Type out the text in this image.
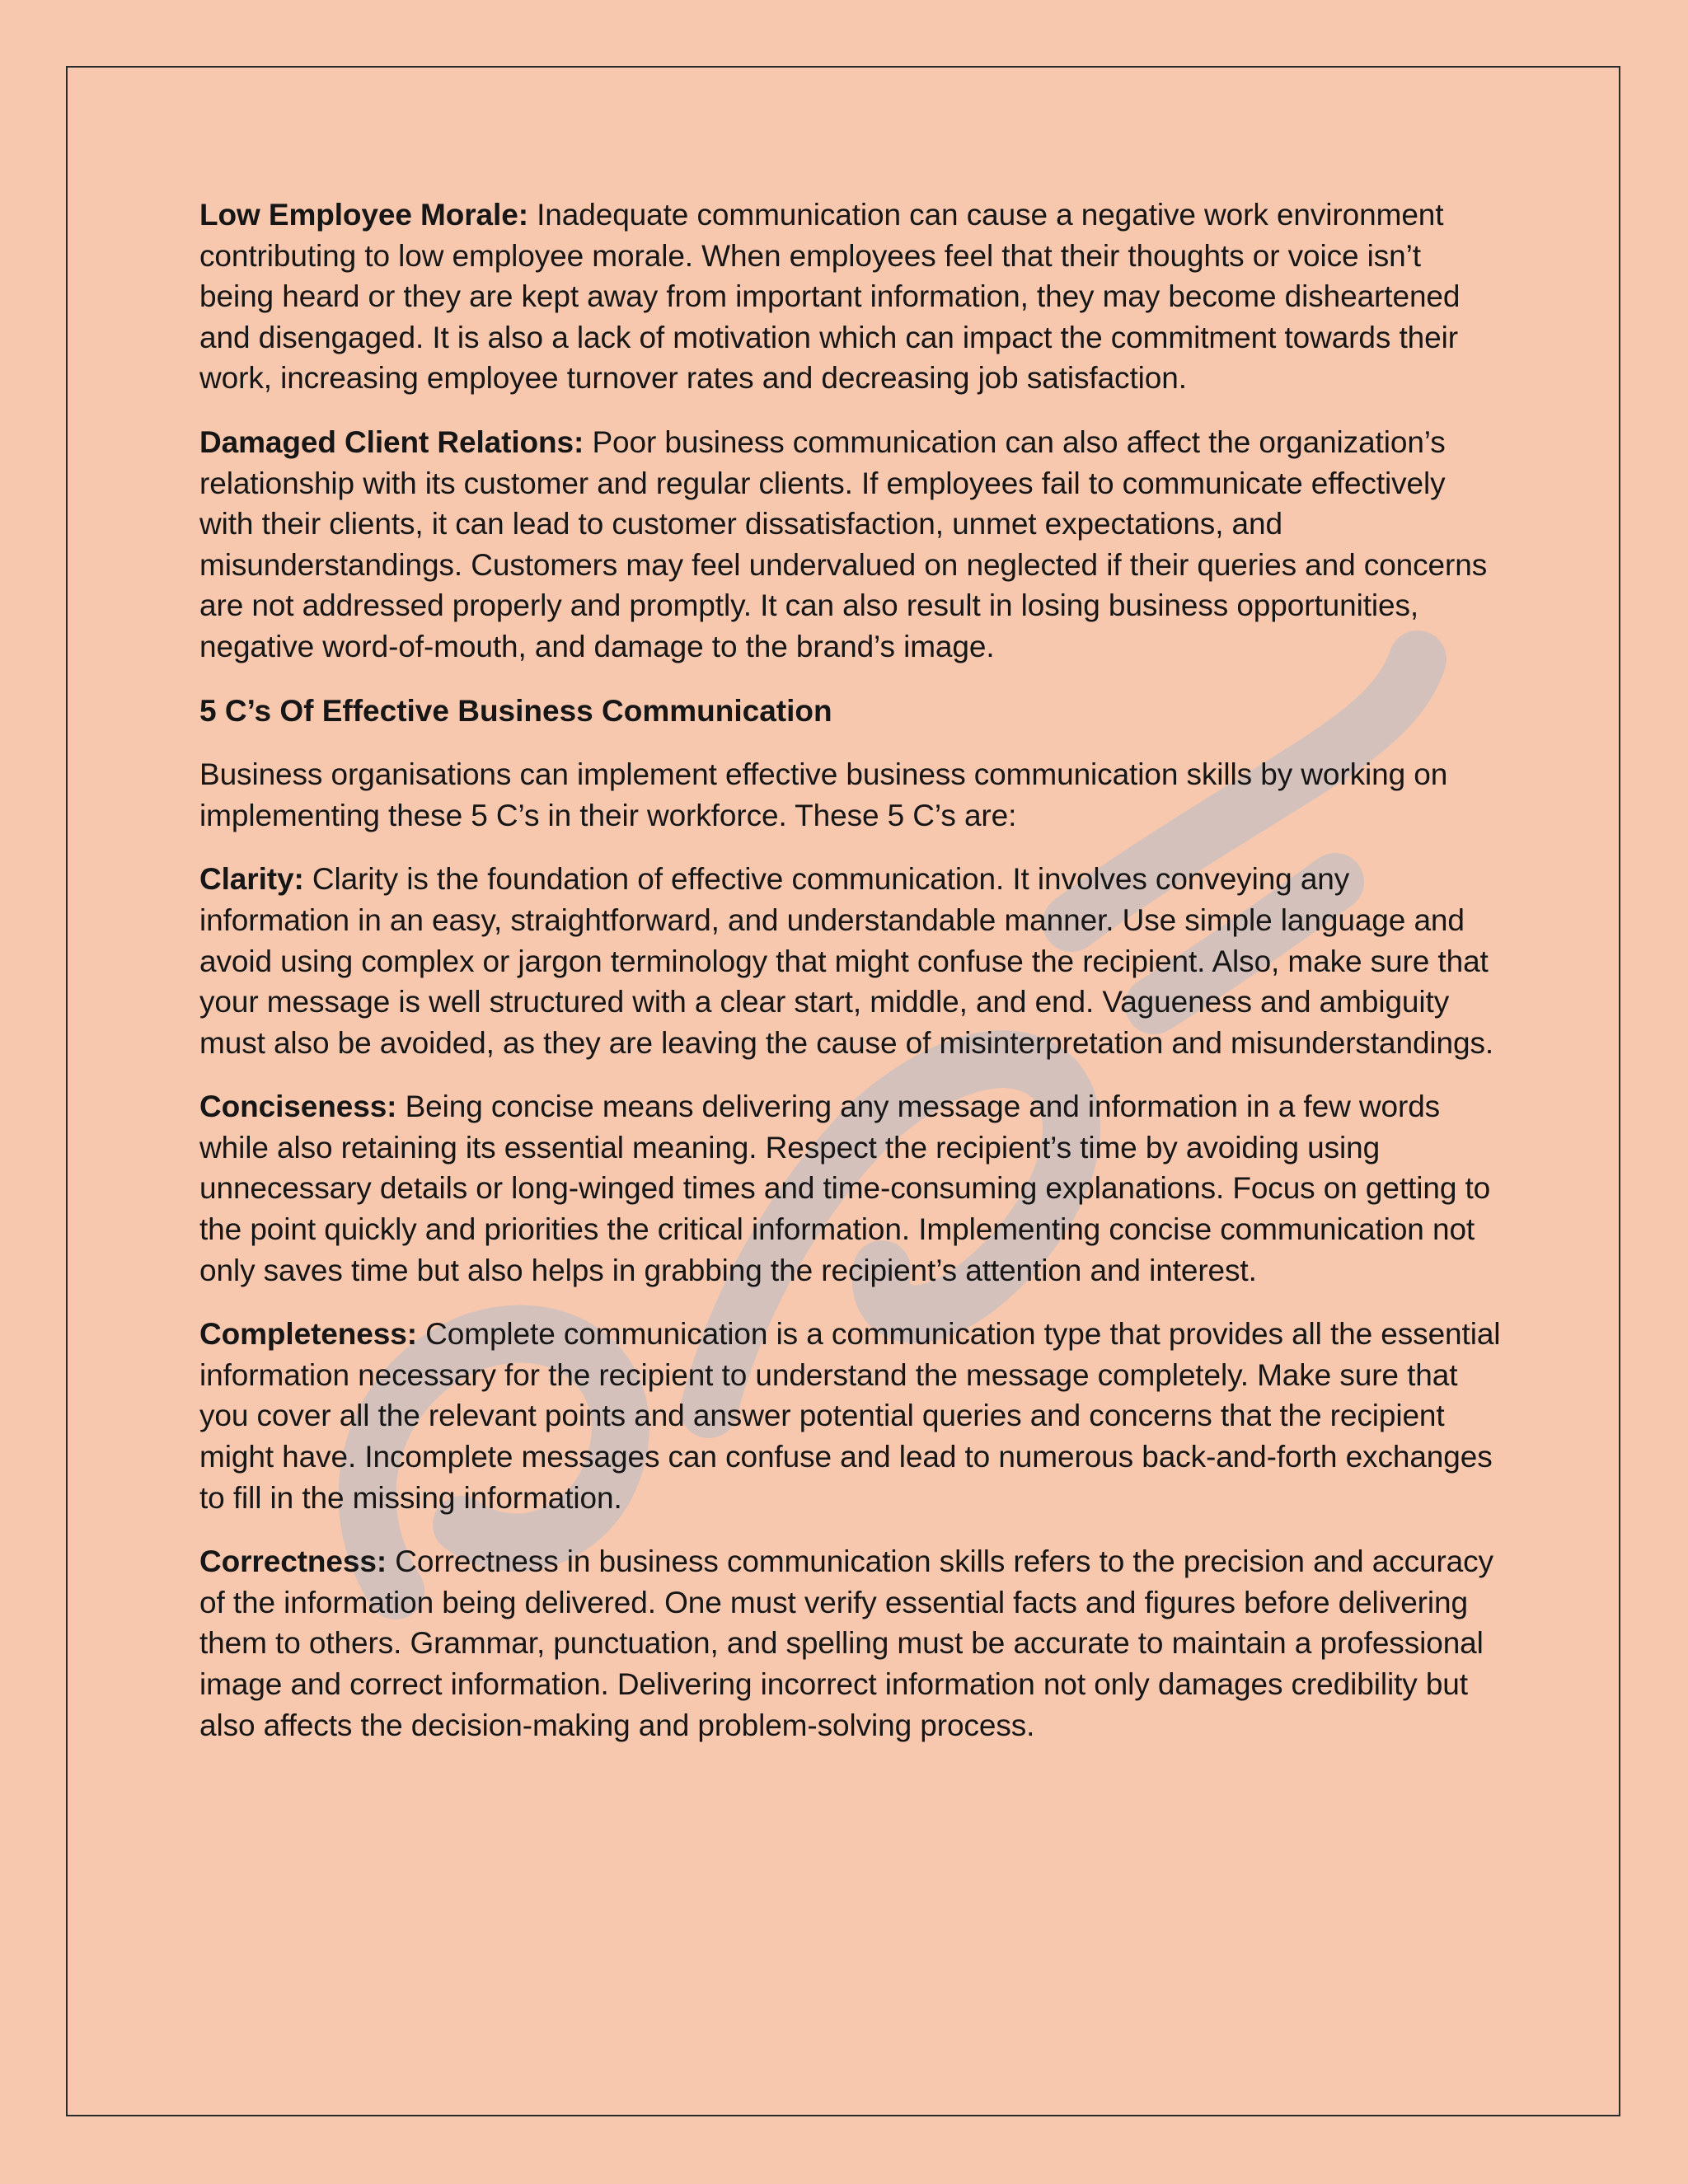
Low Employee Morale: Inadequate communication can cause a negative work environment contributing to low employee morale. When employees feel that their thoughts or voice isn’t being heard or they are kept away from important information, they may become disheartened and disengaged. It is also a lack of motivation which can impact the commitment towards their work, increasing employee turnover rates and decreasing job satisfaction.

Damaged Client Relations: Poor business communication can also affect the organization’s relationship with its customer and regular clients. If employees fail to communicate effectively with their clients, it can lead to customer dissatisfaction, unmet expectations, and misunderstandings. Customers may feel undervalued on neglected if their queries and concerns are not addressed properly and promptly. It can also result in losing business opportunities, negative word-of-mouth, and damage to the brand’s image.

5 C’s Of Effective Business Communication

Business organisations can implement effective business communication skills by working on implementing these 5 C’s in their workforce. These 5 C’s are:

Clarity: Clarity is the foundation of effective communication. It involves conveying any information in an easy, straightforward, and understandable manner. Use simple language and avoid using complex or jargon terminology that might confuse the recipient. Also, make sure that your message is well structured with a clear start, middle, and end. Vagueness and ambiguity must also be avoided, as they are leaving the cause of misinterpretation and misunderstandings.

Conciseness: Being concise means delivering any message and information in a few words while also retaining its essential meaning. Respect the recipient’s time by avoiding using unnecessary details or long-winged times and time-consuming explanations. Focus on getting to the point quickly and priorities the critical information. Implementing concise communication not only saves time but also helps in grabbing the recipient’s attention and interest.

Completeness: Complete communication is a communication type that provides all the essential information necessary for the recipient to understand the message completely. Make sure that you cover all the relevant points and answer potential queries and concerns that the recipient might have. Incomplete messages can confuse and lead to numerous back-and-forth exchanges to fill in the missing information.

Correctness: Correctness in business communication skills refers to the precision and accuracy of the information being delivered. One must verify essential facts and figures before delivering them to others. Grammar, punctuation, and spelling must be accurate to maintain a professional image and correct information. Delivering incorrect information not only damages credibility but also affects the decision-making and problem-solving process.
